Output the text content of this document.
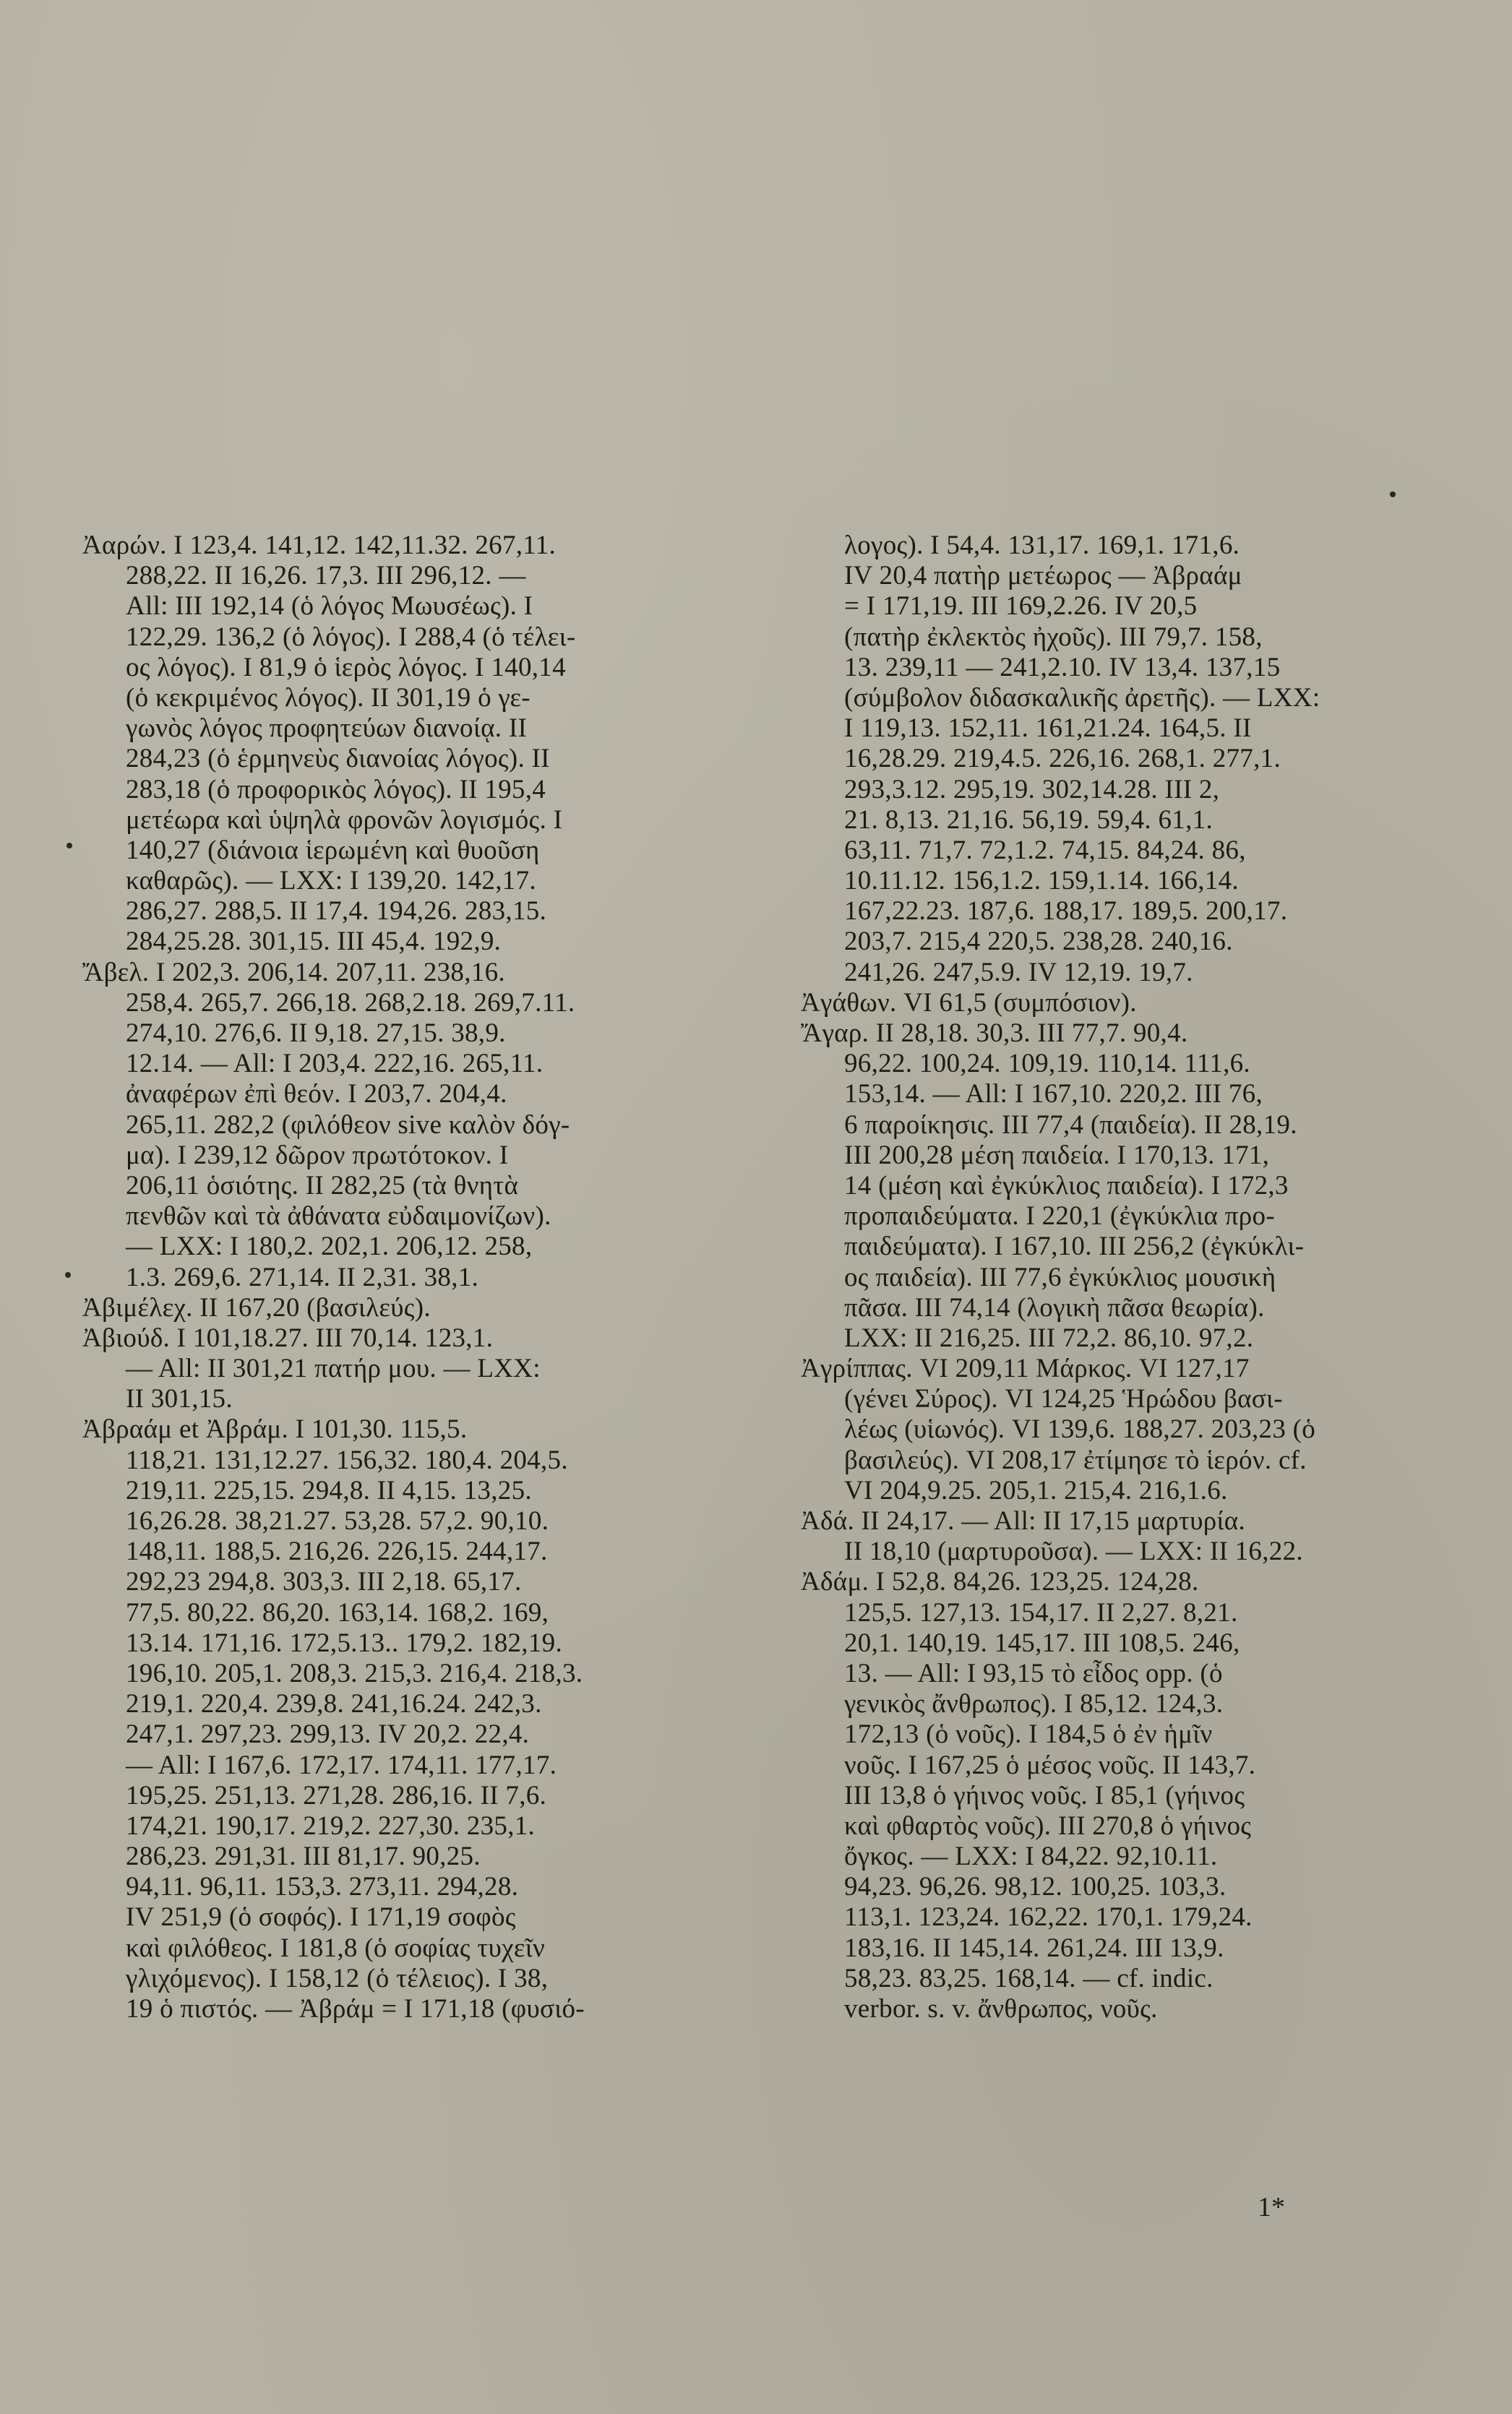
Ἀαρών. I 123,4. 141,12. 142,11.32. 267,11.
288,22. II 16,26. 17,3. III 296,12. —
All: III 192,14 (ὁ λόγος Μωυσέως). I
122,29. 136,2 (ὁ λόγος). I 288,4 (ὁ τέλει-
ος λόγος). I 81,9 ὁ ἱερὸς λόγος. I 140,14
(ὁ κεκριμένος λόγος). II 301,19 ὁ γε-
γωνὸς λόγος προφητεύων διανοίᾳ. II
284,23 (ὁ ἑρμηνεὺς διανοίας λόγος). II
283,18 (ὁ προφορικὸς λόγος). II 195,4
μετέωρα καὶ ὑψηλὰ φρονῶν λογισμός. I
140,27 (διάνοια ἱερωμένη καὶ θυοῦση
καθαρῶς). — LXX: I 139,20. 142,17.
286,27. 288,5. II 17,4. 194,26. 283,15.
284,25.28. 301,15. III 45,4. 192,9.
Ἄβελ. I 202,3. 206,14. 207,11. 238,16.
258,4. 265,7. 266,18. 268,2.18. 269,7.11.
274,10. 276,6. II 9,18. 27,15. 38,9.
12.14. — All: I 203,4. 222,16. 265,11.
ἀναφέρων ἐπὶ θεόν. I 203,7. 204,4.
265,11. 282,2 (φιλόθεον sive καλὸν δόγ-
μα). I 239,12 δῶρον πρωτότοκον. I
206,11 ὁσιότης. II 282,25 (τὰ θνητὰ
πενθῶν καὶ τὰ ἀθάνατα εὐδαιμονίζων).
— LXX: I 180,2. 202,1. 206,12. 258,
1.3. 269,6. 271,14. II 2,31. 38,1.
Ἀβιμέλεχ. II 167,20 (βασιλεύς).
Ἀβιούδ. I 101,18.27. III 70,14. 123,1.
— All: II 301,21 πατήρ μου. — LXX:
II 301,15.
Ἀβραάμ et Ἀβράμ. I 101,30. 115,5.
118,21. 131,12.27. 156,32. 180,4. 204,5.
219,11. 225,15. 294,8. II 4,15. 13,25.
16,26.28. 38,21.27. 53,28. 57,2. 90,10.
148,11. 188,5. 216,26. 226,15. 244,17.
292,23 294,8. 303,3. III 2,18. 65,17.
77,5. 80,22. 86,20. 163,14. 168,2. 169,
13.14. 171,16. 172,5.13.. 179,2. 182,19.
196,10. 205,1. 208,3. 215,3. 216,4. 218,3.
219,1. 220,4. 239,8. 241,16.24. 242,3.
247,1. 297,23. 299,13. IV 20,2. 22,4.
— All: I 167,6. 172,17. 174,11. 177,17.
195,25. 251,13. 271,28. 286,16. II 7,6.
174,21. 190,17. 219,2. 227,30. 235,1.
286,23. 291,31. III 81,17. 90,25.
94,11. 96,11. 153,3. 273,11. 294,28.
IV 251,9 (ὁ σοφός). I 171,19 σοφὸς
καὶ φιλόθεος. I 181,8 (ὁ σοφίας τυχεῖν
γλιχόμενος). I 158,12 (ὁ τέλειος). I 38,
19 ὁ πιστός. — Ἀβράμ = I 171,18 (φυσιό-
λογος). I 54,4. 131,17. 169,1. 171,6.
IV 20,4 πατὴρ μετέωρος — Ἀβραάμ
= I 171,19. III 169,2.26. IV 20,5
(πατὴρ ἐκλεκτὸς ἠχοῦς). III 79,7. 158,
13. 239,11 — 241,2.10. IV 13,4. 137,15
(σύμβολον διδασκαλικῆς ἀρετῆς). — LXX:
I 119,13. 152,11. 161,21.24. 164,5. II
16,28.29. 219,4.5. 226,16. 268,1. 277,1.
293,3.12. 295,19. 302,14.28. III 2,
21. 8,13. 21,16. 56,19. 59,4. 61,1.
63,11. 71,7. 72,1.2. 74,15. 84,24. 86,
10.11.12. 156,1.2. 159,1.14. 166,14.
167,22.23. 187,6. 188,17. 189,5. 200,17.
203,7. 215,4 220,5. 238,28. 240,16.
241,26. 247,5.9. IV 12,19. 19,7.
Ἀγάθων. VI 61,5 (συμπόσιον).
Ἄγαρ. II 28,18. 30,3. III 77,7. 90,4.
96,22. 100,24. 109,19. 110,14. 111,6.
153,14. — All: I 167,10. 220,2. III 76,
6 παροίκησις. III 77,4 (παιδεία). II 28,19.
III 200,28 μέση παιδεία. I 170,13. 171,
14 (μέση καὶ ἐγκύκλιος παιδεία). I 172,3
προπαιδεύματα. I 220,1 (ἐγκύκλια προ-
παιδεύματα). I 167,10. III 256,2 (ἐγκύκλι-
ος παιδεία). III 77,6 ἐγκύκλιος μουσικὴ
πᾶσα. III 74,14 (λογικὴ πᾶσα θεωρία).
LXX: II 216,25. III 72,2. 86,10. 97,2.
Ἀγρίππας. VI 209,11 Μάρκος. VI 127,17
(γένει Σύρος). VI 124,25 Ἡρώδου βασι-
λέως (υἱωνός). VI 139,6. 188,27. 203,23 (ὁ
βασιλεύς). VI 208,17 ἐτίμησε τὸ ἱερόν. cf.
VI 204,9.25. 205,1. 215,4. 216,1.6.
Ἀδά. II 24,17. — All: II 17,15 μαρτυρία.
II 18,10 (μαρτυροῦσα). — LXX: II 16,22.
Ἀδάμ. I 52,8. 84,26. 123,25. 124,28.
125,5. 127,13. 154,17. II 2,27. 8,21.
20,1. 140,19. 145,17. III 108,5. 246,
13. — All: I 93,15 τὸ εἶδος opp. (ὁ
γενικὸς ἄνθρωπος). I 85,12. 124,3.
172,13 (ὁ νοῦς). I 184,5 ὁ ἐν ἡμῖν
νοῦς. I 167,25 ὁ μέσος νοῦς. II 143,7.
III 13,8 ὁ γήινος νοῦς. I 85,1 (γήινος
καὶ φθαρτὸς νοῦς). III 270,8 ὁ γήινος
ὄγκος. — LXX: I 84,22. 92,10.11.
94,23. 96,26. 98,12. 100,25. 103,3.
113,1. 123,24. 162,22. 170,1. 179,24.
183,16. II 145,14. 261,24. III 13,9.
58,23. 83,25. 168,14. — cf. indic.
verbor. s. v. ἄνθρωπος, νοῦς.
1*
